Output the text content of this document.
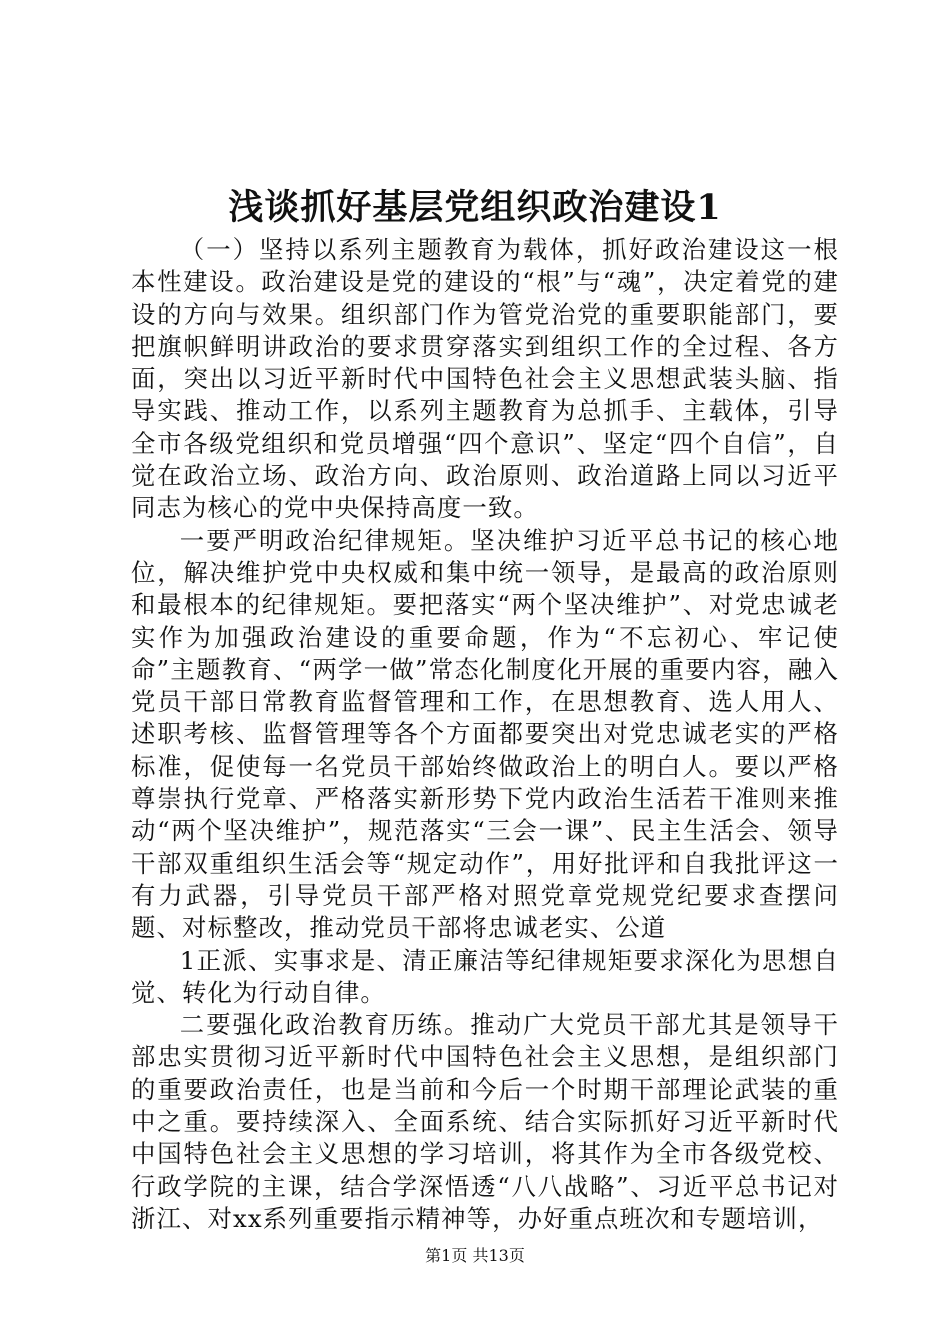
浅谈抓好基层党组织政治建设1

（一）坚持以系列主题教育为载体，抓好政治建设这一根本性建设。政治建设是党的建设的“根”与“魂”，决定着党的建设的方向与效果。组织部门作为管党治党的重要职能部门，要把旗帜鲜明讲政治的要求贯穿落实到组织工作的全过程、各方面，突出以习近平新时代中国特色社会主义思想武装头脑、指导实践、推动工作，以系列主题教育为总抓手、主载体，引导全市各级党组织和党员增强“四个意识”、坚定“四个自信”，自觉在政治立场、政治方向、政治原则、政治道路上同以习近平同志为核心的党中央保持高度一致。

一要严明政治纪律规矩。坚决维护习近平总书记的核心地位，解决维护党中央权威和集中统一领导，是最高的政治原则和最根本的纪律规矩。要把落实“两个坚决维护”、对党忠诚老实作为加强政治建设的重要命题，作为“不忘初心、牢记使命”主题教育、“两学一做”常态化制度化开展的重要内容，融入党员干部日常教育监督管理和工作，在思想教育、选人用人、述职考核、监督管理等各个方面都要突出对党忠诚老实的严格标准，促使每一名党员干部始终做政治上的明白人。要以严格尊崇执行党章、严格落实新形势下党内政治生活若干准则来推动“两个坚决维护”，规范落实“三会一课”、民主生活会、领导干部双重组织生活会等“规定动作”，用好批评和自我批评这一有力武器，引导党员干部严格对照党章党规党纪要求查摆问题、对标整改，推动党员干部将忠诚老实、公道

1正派、实事求是、清正廉洁等纪律规矩要求深化为思想自觉、转化为行动自律。

二要强化政治教育历练。推动广大党员干部尤其是领导干部忠实贯彻习近平新时代中国特色社会主义思想，是组织部门的重要政治责任，也是当前和今后一个时期干部理论武装的重中之重。要持续深入、全面系统、结合实际抓好习近平新时代中国特色社会主义思想的学习培训，将其作为全市各级党校、行政学院的主课，结合学深悟透“八八战略”、习近平总书记对浙江、对xx系列重要指示精神等，办好重点班次和专题培训，

第1页 共13页
